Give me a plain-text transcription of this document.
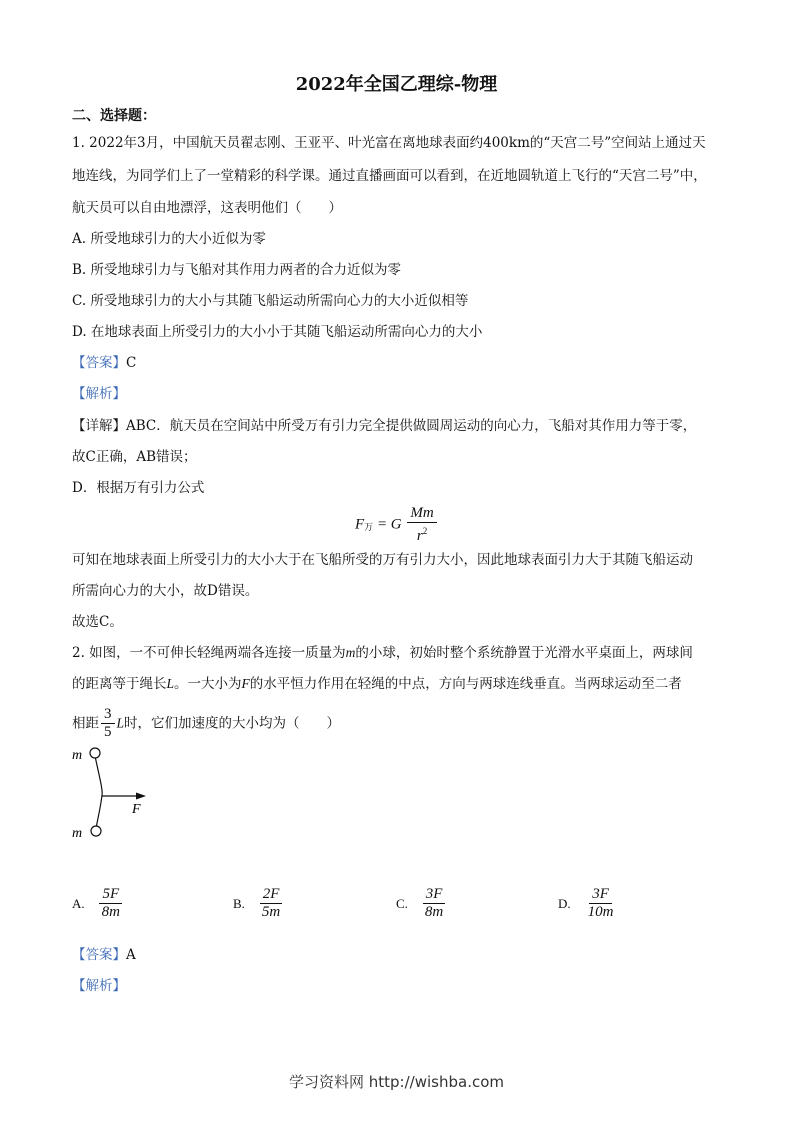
2022年全国乙理综-物理
二、选择题：
1. 2022年3月，中国航天员翟志刚、王亚平、叶光富在离地球表面约400km的“天宫二号”空间站上通过天
地连线，为同学们上了一堂精彩的科学课。通过直播画面可以看到，在近地圆轨道上飞行的“天宫二号”中，
航天员可以自由地漂浮，这表明他们（　　）
A. 所受地球引力的大小近似为零
B. 所受地球引力与飞船对其作用力两者的合力近似为零
C. 所受地球引力的大小与其随飞船运动所需向心力的大小近似相等
D. 在地球表面上所受引力的大小小于其随飞船运动所需向心力的大小
【答案】C
【解析】
【详解】ABC．航天员在空间站中所受万有引力完全提供做圆周运动的向心力，飞船对其作用力等于零，
故C正确，AB错误；
D．根据万有引力公式
$F_万 = G \frac{Mm}{r^2}$
可知在地球表面上所受引力的大小大于在飞船所受的万有引力大小，因此地球表面引力大于其随飞船运动
所需向心力的大小，故D错误。
故选C。
2. 如图，一不可伸长轻绳两端各连接一质量为m的小球，初始时整个系统静置于光滑水平桌面上，两球间
的距离等于绳长L。一大小为F的水平恒力作用在轻绳的中点，方向与两球连线垂直。当两球运动至二者
相距 $\frac{3}{5}$ L时，它们加速度的大小均为（　　）
m
m
F
A. $\frac{5F}{8m}$	B. $\frac{2F}{5m}$	C. $\frac{3F}{8m}$	D. $\frac{3F}{10m}$
【答案】A
【解析】
学习资料网 http://wishba.com
